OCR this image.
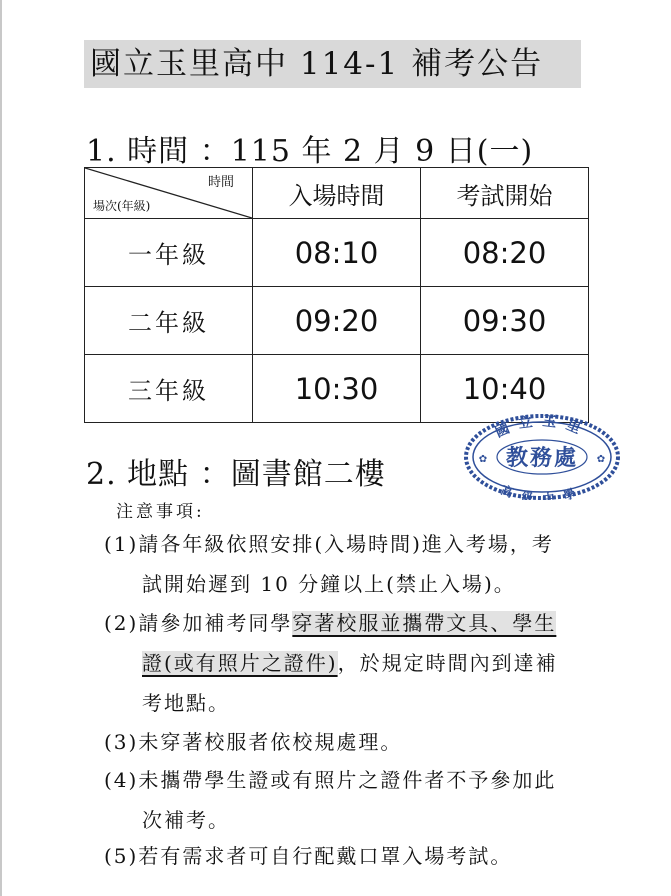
國立玉里高中 114-1 補考公告
1. 時間 ：115 年 2 月 9 日(一)
時間
場次(年級)	入場時間	考試開始
一年級	08:10	08:20
二年級	09:20	09:30
三年級	10:30	10:40
2. 地點 ：圖書館二樓
國立玉里
高級中學
教務處
✿	✿
注意事項:
(1)請各年級依照安排(入場時間)進入考場，考
試開始遲到 10 分鐘以上(禁止入場)。
(2)請參加補考同學穿著校服並攜帶文具、學生
證(或有照片之證件)，於規定時間內到達補
考地點。
(3)未穿著校服者依校規處理。
(4)未攜帶學生證或有照片之證件者不予參加此
次補考。
(5)若有需求者可自行配戴口罩入場考試。
